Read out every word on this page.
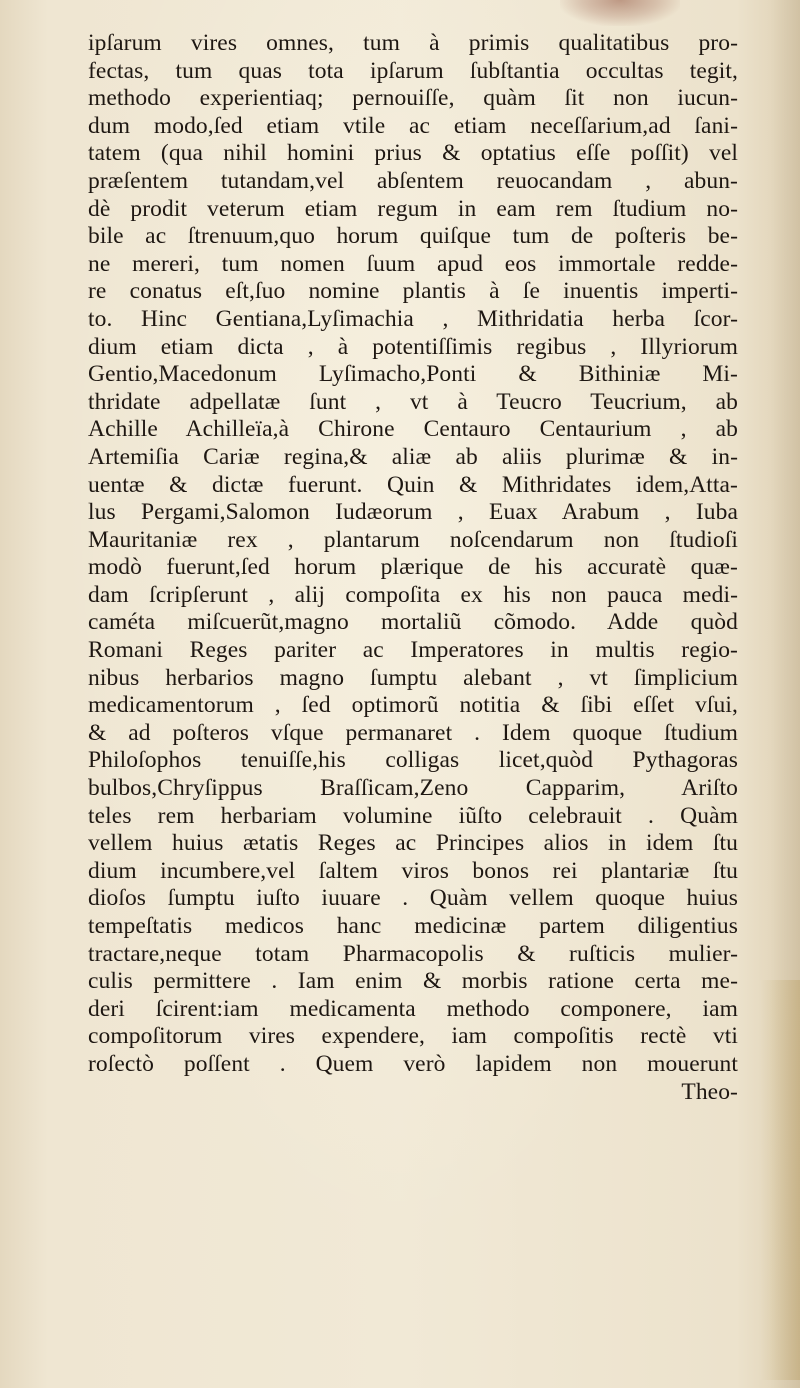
ipſarum vires omnes, tum à primis qualitatibus pro-
fectas, tum quas tota ipſarum ſubſtantia occultas tegit,
methodo experientiaq; pernouiſſe, quàm ſit non iucun-
dum modo,ſed etiam vtile ac etiam neceſſarium,ad ſani-
tatem (qua nihil homini prius & optatius eſſe poſſit) vel
præſentem tutandam,vel abſentem reuocandam , abun-
dè prodit veterum etiam regum in eam rem ſtudium no-
bile ac ſtrenuum,quo horum quiſque tum de poſteris be-
ne mereri, tum nomen ſuum apud eos immortale redde-
re conatus eſt,ſuo nomine plantis à ſe inuentis imperti-
to. Hinc Gentiana,Lyſimachia , Mithridatia herba ſcor-
dium etiam dicta , à potentiſſimis regibus , Illyriorum
Gentio,Macedonum Lyſimacho,Ponti & Bithiniæ Mi-
thridate adpellatæ ſunt , vt à Teucro Teucrium, ab
Achille Achilleïa,à Chirone Centauro Centaurium , ab
Artemiſia Cariæ regina,& aliæ ab aliis plurimæ & in-
uentæ & dictæ fuerunt. Quin & Mithridates idem,Atta-
lus Pergami,Salomon Iudæorum , Euax Arabum , Iuba
Mauritaniæ rex , plantarum noſcendarum non ſtudioſi
modò fuerunt,ſed horum plærique de his accuratè quæ-
dam ſcripſerunt , alij compoſita ex his non pauca medi-
caméta miſcuerũt,magno mortaliũ cõmodo. Adde quòd
Romani Reges pariter ac Imperatores in multis regio-
nibus herbarios magno ſumptu alebant , vt ſimplicium
medicamentorum , ſed optimorũ notitia & ſibi eſſet vſui,
& ad poſteros vſque permanaret . Idem quoque ſtudium
Philoſophos tenuiſſe,his colligas licet,quòd Pythagoras
bulbos,Chryſippus Braſſicam,Zeno Capparim, Ariſto
teles rem herbariam volumine iũſto celebrauit . Quàm
vellem huius ætatis Reges ac Principes alios in idem ſtu
dium incumbere,vel ſaltem viros bonos rei plantariæ ſtu
dioſos ſumptu iuſto iuuare . Quàm vellem quoque huius
tempeſtatis medicos hanc medicinæ partem diligentius
tractare,neque totam Pharmacopolis & ruſticis mulier-
culis permittere . Iam enim & morbis ratione certa me-
deri ſcirent:iam medicamenta methodo componere, iam
compoſitorum vires expendere, iam compoſitis rectè vti
roſectò poſſent . Quem verò lapidem non mouerunt
Theo-
